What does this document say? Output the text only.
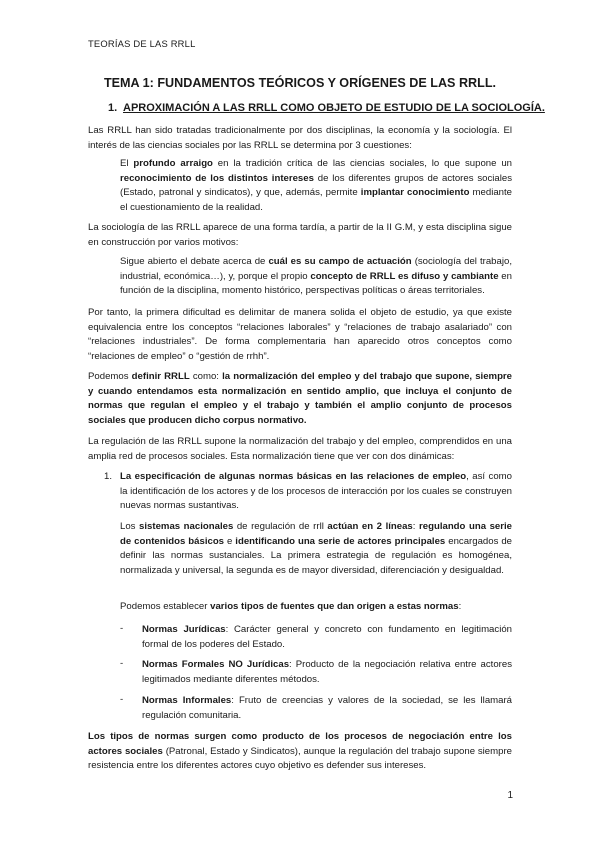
TEORÍAS DE LAS RRLL
TEMA 1: FUNDAMENTOS TEÓRICOS Y ORÍGENES DE LAS RRLL.
1. APROXIMACIÓN A LAS RRLL COMO OBJETO DE ESTUDIO DE LA SOCIOLOGÍA.
Las RRLL han sido tratadas tradicionalmente por dos disciplinas, la economía y la sociología. El interés de las ciencias sociales por las RRLL se determina por 3 cuestiones:
El profundo arraigo en la tradición crítica de las ciencias sociales, lo que supone un reconocimiento de los distintos intereses de los diferentes grupos de actores sociales (Estado, patronal y sindicatos), y que, además, permite implantar conocimiento mediante el cuestionamiento de la realidad.
La sociología de las RRLL aparece de una forma tardía, a partir de la II G.M, y esta disciplina sigue en construcción por varios motivos:
Sigue abierto el debate acerca de cuál es su campo de actuación (sociología del trabajo, industrial, económica…), y, porque el propio concepto de RRLL es difuso y cambiante en función de la disciplina, momento histórico, perspectivas políticas o áreas territoriales.
Por tanto, la primera dificultad es delimitar de manera solida el objeto de estudio, ya que existe equivalencia entre los conceptos “relaciones laborales” y “relaciones de trabajo asalariado” con “relaciones industriales”. De forma complementaria han aparecido otros conceptos como “relaciones de empleo” o “gestión de rrhh”.
Podemos definir RRLL como: la normalización del empleo y del trabajo que supone, siempre y cuando entendamos esta normalización en sentido amplio, que incluya el conjunto de normas que regulan el empleo y el trabajo y también el amplio conjunto de procesos sociales que producen dicho corpus normativo.
La regulación de las RRLL supone la normalización del trabajo y del empleo, comprendidos en una amplia red de procesos sociales. Esta normalización tiene que ver con dos dinámicas:
1. La especificación de algunas normas básicas en las relaciones de empleo, así como la identificación de los actores y de los procesos de interacción por los cuales se construyen nuevas normas sustantivas.
Los sistemas nacionales de regulación de rrll actúan en 2 líneas: regulando una serie de contenidos básicos e identificando una serie de actores principales encargados de definir las normas sustanciales. La primera estrategia de regulación es homogénea, normalizada y universal, la segunda es de mayor diversidad, diferenciación y desigualdad.
Podemos establecer varios tipos de fuentes que dan origen a estas normas:
- Normas Jurídicas: Carácter general y concreto con fundamento en legitimación formal de los poderes del Estado.
- Normas Formales NO Jurídicas: Producto de la negociación relativa entre actores legitimados mediante diferentes métodos.
- Normas Informales: Fruto de creencias y valores de la sociedad, se les llamará regulación comunitaria.
Los tipos de normas surgen como producto de los procesos de negociación entre los actores sociales (Patronal, Estado y Sindicatos), aunque la regulación del trabajo supone siempre resistencia entre los diferentes actores cuyo objetivo es defender sus intereses.
1
